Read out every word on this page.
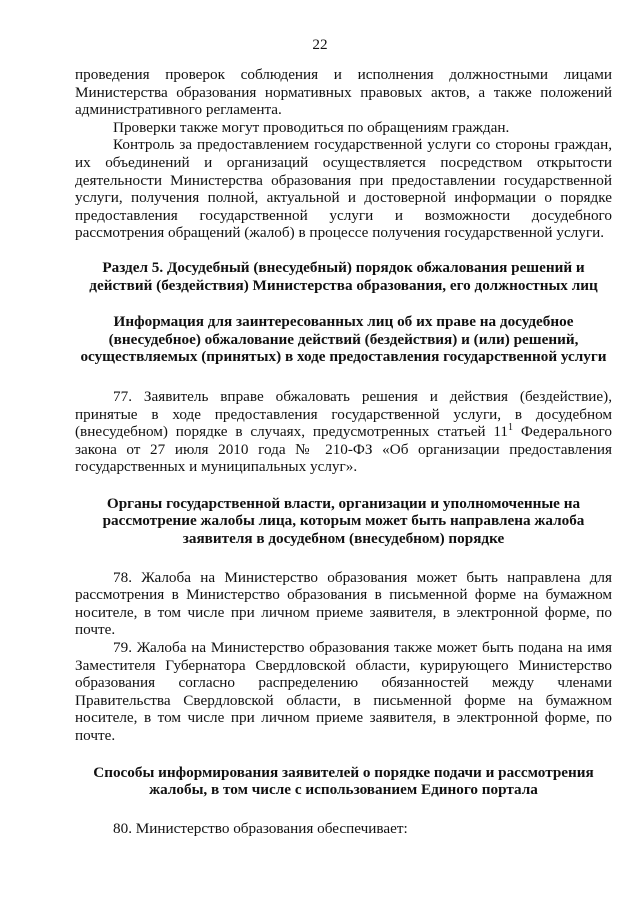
22

проведения проверок соблюдения и исполнения должностными лицами Министерства образования нормативных правовых актов, а также положений административного регламента.

Проверки также могут проводиться по обращениям граждан.

Контроль за предоставлением государственной услуги со стороны граждан, их объединений и организаций осуществляется посредством открытости деятельности Министерства образования при предоставлении государственной услуги, получения полной, актуальной и достоверной информации о порядке предоставления государственной услуги и возможности досудебного рассмотрения обращений (жалоб) в процессе получения государственной услуги.

Раздел 5. Досудебный (внесудебный) порядок обжалования решений и действий (бездействия) Министерства образования, его должностных лиц

Информация для заинтересованных лиц об их праве на досудебное (внесудебное) обжалование действий (бездействия) и (или) решений, осуществляемых (принятых) в ходе предоставления государственной услуги

77. Заявитель вправе обжаловать решения и действия (бездействие), принятые в ходе предоставления государственной услуги, в досудебном (внесудебном) порядке в случаях, предусмотренных статьей $11^1$ Федерального закона от 27 июля 2010 года № 210-ФЗ «Об организации предоставления государственных и муниципальных услуг».

Органы государственной власти, организации и уполномоченные на рассмотрение жалобы лица, которым может быть направлена жалоба заявителя в досудебном (внесудебном) порядке

78. Жалоба на Министерство образования может быть направлена для рассмотрения в Министерство образования в письменной форме на бумажном носителе, в том числе при личном приеме заявителя, в электронной форме, по почте.

79. Жалоба на Министерство образования также может быть подана на имя Заместителя Губернатора Свердловской области, курирующего Министерство образования согласно распределению обязанностей между членами Правительства Свердловской области, в письменной форме на бумажном носителе, в том числе при личном приеме заявителя, в электронной форме, по почте.

Способы информирования заявителей о порядке подачи и рассмотрения жалобы, в том числе с использованием Единого портала

80. Министерство образования обеспечивает:
